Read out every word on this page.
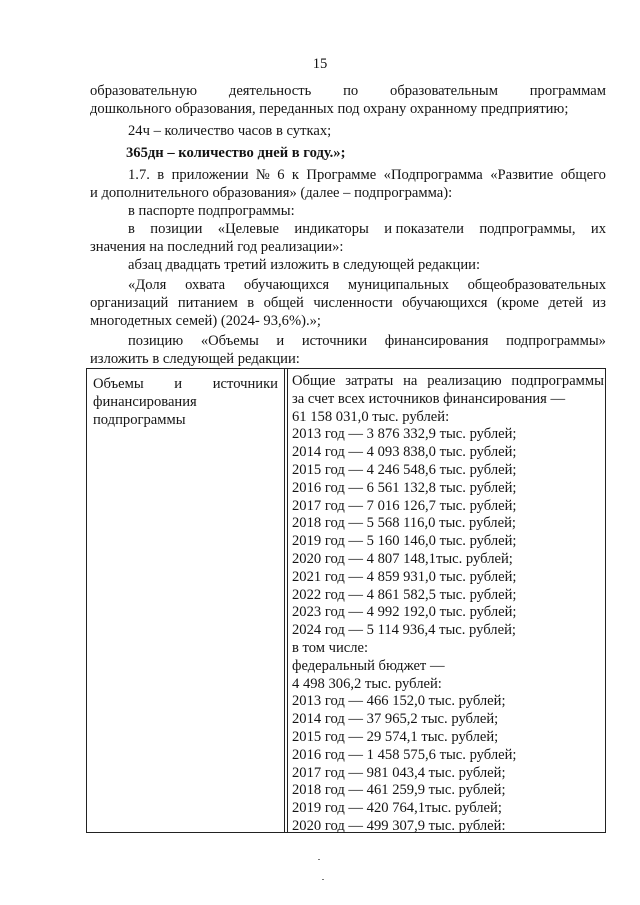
15
образовательную деятельность по образовательным программам
дошкольного образования, переданных под охрану охранному предприятию;
24ч – количество часов в сутках;
365дн – количество дней в году.»;
1.7. в приложении № 6 к Программе «Подпрограмма «Развитие общего
и дополнительного образования» (далее – подпрограмма):
в паспорте подпрограммы:
в позиции «Целевые индикаторы и показатели подпрограммы, их
значения на последний год реализации»:
абзац двадцать третий изложить в следующей редакции:
«Доля охвата обучающихся муниципальных общеобразовательных
организаций питанием в общей численности обучающихся (кроме детей из
многодетных семей) (2024- 93,6%).»;
позицию «Объемы и источники финансирования подпрограммы»
изложить в следующей редакции:
Объемы и источники
финансирования
подпрограммы
Общие затраты на реализацию подпрограммы
за счет всех источников финансирования —
61 158 031,0 тыс. рублей:
2013 год — 3 876 332,9 тыс. рублей;
2014 год — 4 093 838,0 тыс. рублей;
2015 год — 4 246 548,6 тыс. рублей;
2016 год — 6 561 132,8 тыс. рублей;
2017 год — 7 016 126,7 тыс. рублей;
2018 год — 5 568 116,0 тыс. рублей;
2019 год — 5 160 146,0 тыс. рублей;
2020 год — 4 807 148,1тыс. рублей;
2021 год — 4 859 931,0 тыс. рублей;
2022 год — 4 861 582,5 тыс. рублей;
2023 год — 4 992 192,0 тыс. рублей;
2024 год — 5 114 936,4 тыс. рублей;
в том числе:
федеральный бюджет —
4 498 306,2 тыс. рублей:
2013 год — 466 152,0 тыс. рублей;
2014 год — 37 965,2 тыс. рублей;
2015 год — 29 574,1 тыс. рублей;
2016 год — 1 458 575,6 тыс. рублей;
2017 год — 981 043,4 тыс. рублей;
2018 год — 461 259,9 тыс. рублей;
2019 год — 420 764,1тыс. рублей;
2020 год — 499 307,9 тыс. рублей:
